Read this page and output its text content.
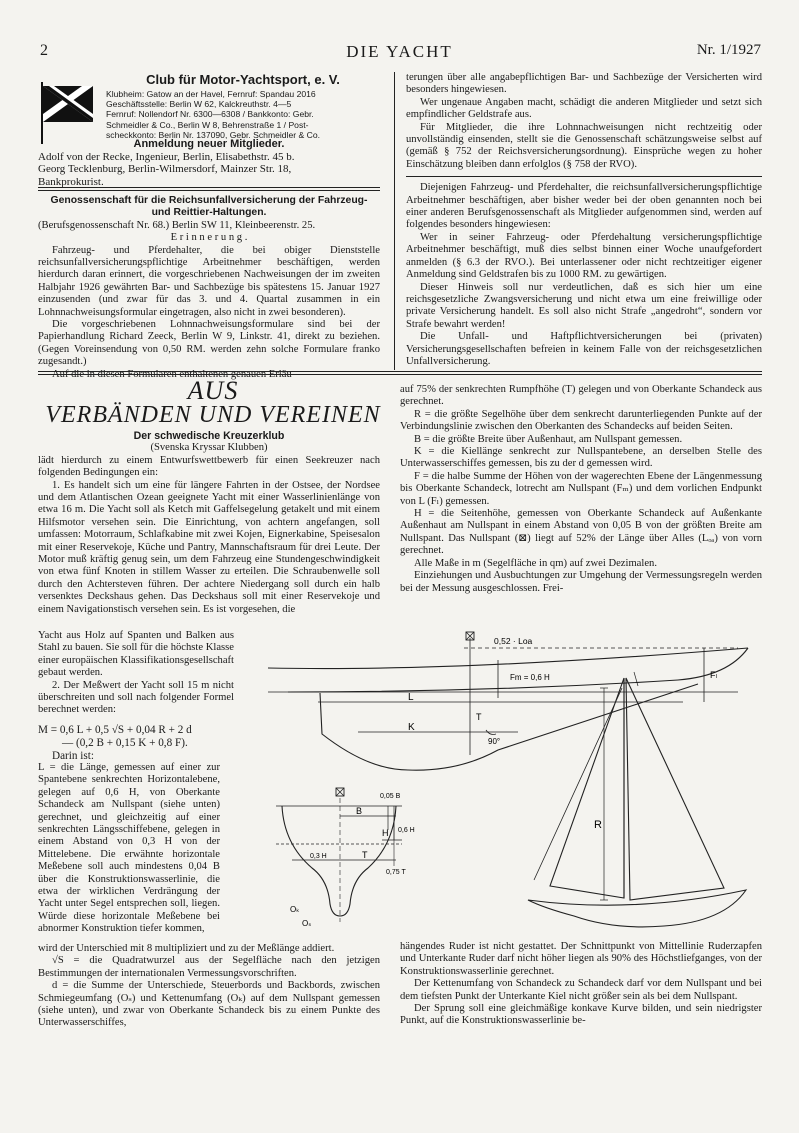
2	DIE YACHT	Nr. 1/1927
Club für Motor-Yachtsport, e. V.
Klubheim: Gatow an der Havel, Fernruf: Spandau 2016
Geschäftsstelle: Berlin W 62, Kalckreuthstr. 4—5
Fernruf: Nollendorf Nr. 6300—6308 / Bankkonto: Gebr.
Schmeidler & Co., Berlin W 8, Behrenstraße 1 / Post-
scheckkonto: Berlin Nr. 137090, Gebr. Schmeidler & Co.

Anmeldung neuer Mitglieder.

Adolf von der Recke, Ingenieur, Berlin, Elisabethstr. 45 b.

Georg Tecklenburg, Berlin-Wilmersdorf, Mainzer Str. 18,

Bankprokurist.

Genossenschaft für die Reichsunfallversicherung der Fahrzeug-

und Reittier-Haltungen.

(Berufsgenossenschaft Nr. 68.) Berlin SW 11, Kleinbeerenstr. 25.

E r i n n e r u n g .

Fahrzeug- und Pferdehalter, die bei obiger Dienststelle reichsunfallversicherungspflichtige Arbeitnehmer beschäftigen, werden hierdurch daran erinnert, die vorgeschriebenen Nachweisungen der im zweiten Halbjahr 1926 gewährten Bar- und Sachbezüge bis spätestens 15. Januar 1927 einzusenden (und zwar für das 3. und 4. Quartal zusammen in ein Lohnnachweisungsformular eingetragen, also nicht in zwei besonderen).

Die vorgeschriebenen Lohnnachweisungsformulare sind bei der Papierhandlung Richard Zeeck, Berlin W 9, Linkstr. 41, direkt zu beziehen. (Gegen Voreinsendung von 0,50 RM. werden zehn solche Formulare franko zugesandt.)

Auf die in diesen Formularen enthaltenen genauen Erläu-

terungen über alle angabepflichtigen Bar- und Sachbezüge der Versicherten wird besonders hingewiesen.

Wer ungenaue Angaben macht, schädigt die anderen Mitglieder und setzt sich empfindlicher Geldstrafe aus.

Für Mitglieder, die ihre Lohnnachweisungen nicht rechtzeitig oder unvollständig einsenden, stellt sie die Genossenschaft schätzungsweise selbst auf (gemäß § 752 der Reichsversicherungsordnung). Einsprüche wegen zu hoher Einschätzung bleiben dann erfolglos (§ 758 der RVO).

Diejenigen Fahrzeug- und Pferdehalter, die reichsunfallversicherungspflichtige Arbeitnehmer beschäftigen, aber bisher weder bei der oben genannten noch bei einer anderen Berufsgenossenschaft als Mitglieder aufgenommen sind, werden auf folgendes besonders hingewiesen:

Wer in seiner Fahrzeug- oder Pferdehaltung versicherungspflichtige Arbeitnehmer beschäftigt, muß dies selbst binnen einer Woche unaufgefordert anmelden (§ 6.3 der RVO.). Bei unterlassener oder nicht rechtzeitiger eigener Anmeldung sind Geldstrafen bis zu 1000 RM. zu gewärtigen.

Dieser Hinweis soll nur verdeutlichen, daß es sich hier um eine reichsgesetzliche Zwangsversicherung und nicht etwa um eine freiwillige oder private Versicherung handelt. Es soll also nicht Strafe „angedroht“, sondern vor Strafe bewahrt werden!

Die Unfall- und Haftpflichtversicherungen bei (privaten) Versicherungsgesellschaften befreien in keinem Falle von der reichsgesetzlichen Unfallversicherung.

AUS
VERBÄNDEN UND VEREINEN

Der schwedische Kreuzerklub

(Svenska Kryssar Klubben)

lädt hierdurch zu einem Entwurfswettbewerb für einen Seekreuzer nach folgenden Bedingungen ein:

1. Es handelt sich um eine für längere Fahrten in der Ostsee, der Nordsee und dem Atlantischen Ozean geeignete Yacht mit einer Wasserlinienlänge von etwa 16 m. Die Yacht soll als Ketch mit Gaffelsegelung getakelt und mit einem Hilfsmotor versehen sein. Die Einrichtung, von achtern angefangen, soll umfassen: Motorraum, Schlafkabine mit zwei Kojen, Eignerkabine, Speisesalon mit einer Reservekoje, Küche und Pantry, Mannschaftsraum für drei Leute. Der Motor muß kräftig genug sein, um dem Fahrzeug eine Stundengeschwindigkeit von etwa fünf Knoten in stillem Wasser zu erteilen. Die Schraubenwelle soll durch den Achtersteven führen. Der achtere Niedergang soll durch ein halb versenktes Deckshaus gehen. Das Deckshaus soll mit einer Reservekoje und einem Navigationstisch versehen sein. Es ist vorgesehen, die

Yacht aus Holz auf Spanten und Balken aus Stahl zu bauen. Sie soll für die höchste Klasse einer europäischen Klassifikationsgesellschaft gebaut werden.

2. Der Meßwert der Yacht soll 15 m nicht überschreiten und soll nach folgender Formel berechnet werden:

M = 0,6 L + 0,5 √S + 0,04 R + 2 d

— (0,2 B + 0,15 K + 0,8 F).

Darin ist:

L = die Länge, gemessen auf einer zur Spantebene senkrechten Horizontalebene, gelegen auf 0,6 H, von Oberkante Schandeck am Nullspant (siehe unten) gerechnet, und gleichzeitig auf einer senkrechten Längsschiffebene, gelegen in einem Abstand von 0,3 H von der Mittelebene. Die erwähnte horizontale Meßebene soll auch mindestens 0,04 B über die Konstruktionswasserlinie, die etwa der wirklichen Verdrängung der Yacht unter Segel entsprechen soll, liegen. Würde diese horizontale Meßebene bei abnormer Konstruktion tiefer kommen,

wird der Unterschied mit 8 multipliziert und zu der Meßlänge addiert.

√S = die Quadratwurzel aus der Segelfläche nach den jetzigen Bestimmungen der internationalen Vermessungsvorschriften.

d = die Summe der Unterschiede, Steuerbords und Backbords, zwischen Schmiegeumfang (Oₛ) und Kettenumfang (Oₖ) auf dem Nullspant gemessen (siehe unten), und zwar von Oberkante Schandeck bis zu einem Punkte des Unterwasserschiffes,

auf 75% der senkrechten Rumpfhöhe (T) gelegen und von Oberkante Schandeck aus gerechnet.

R = die größte Segelhöhe über dem senkrecht darunterliegenden Punkte auf der Verbindungslinie zwischen den Oberkanten des Schandecks auf beiden Seiten.

B = die größte Breite über Außenhaut, am Nullspant gemessen.

K = die Kiellänge senkrecht zur Nullspantebene, an derselben Stelle des Unterwasserschiffes gemessen, bis zu der d gemessen wird.

F = die halbe Summe der Höhen von der wagerechten Ebene der Längenmessung bis Oberkante Schandeck, lotrecht am Nullspant (Fₘ) und dem vorlichen Endpunkt von L (Fₗ) gemessen.

H = die Seitenhöhe, gemessen von Oberkante Schandeck auf Außenkante Außenhaut am Nullspant in einem Abstand von 0,05 B von der größten Breite am Nullspant. Das Nullspant (⊠) liegt auf 52% der Länge über Alles (Lₒₐ) von vorn gerechnet.

Alle Maße in m (Segelfläche in qm) auf zwei Dezimalen.

Einziehungen und Ausbuchtungen zur Umgehung der Vermessungsregeln werden bei der Messung ausgeschlossen. Frei-

hängendes Ruder ist nicht gestattet. Der Schnittpunkt von Mittellinie Ruderzapfen und Unterkante Ruder darf nicht höher liegen als 90% des Höchstliefganges, von der Konstruktionswasserlinie gerechnet.

Der Kettenumfang von Schandeck zu Schandeck darf vor dem Nullspant und bei dem tiefsten Punkt der Unterkante Kiel nicht größer sein als bei dem Nullspant.

Der Sprung soll eine gleichmäßige konkave Kurve bilden, und sein niedrigster Punkt, auf die Konstruktionswasserlinie be-

0,52 · Loa
Fm = 0,6 H	Fₗ
L
K
T
90°
B
0,05 B
H 0,6 H
0,3 H	T
0,75 T
Oₖ
Oₛ
R
